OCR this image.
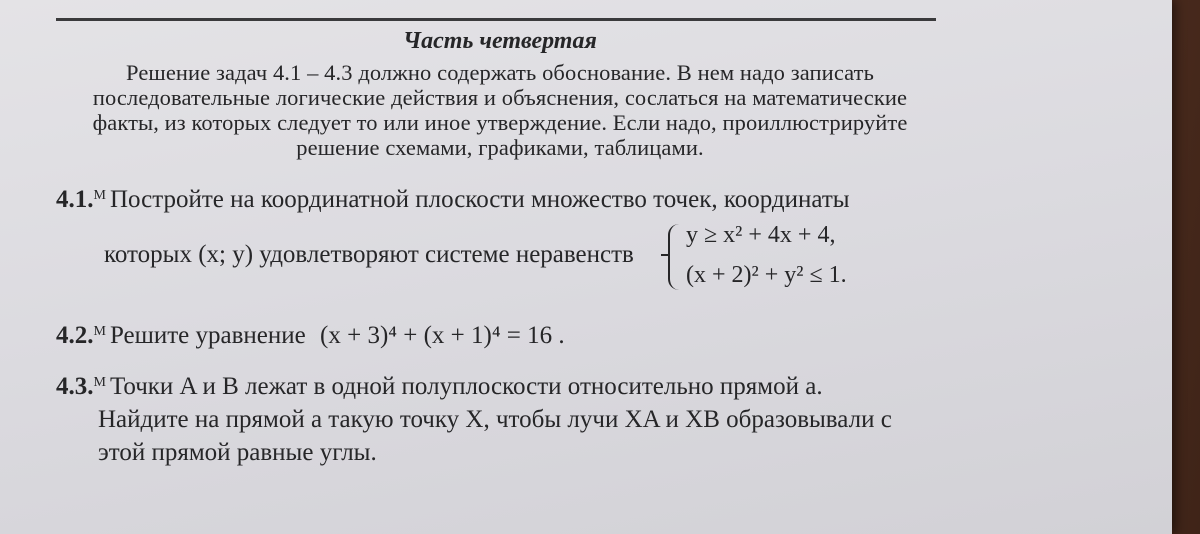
Часть четвертая
Решение задач 4.1 – 4.3 должно содержать обоснование. В нем надо записать
последовательные логические действия и объяснения, сослаться на математические
факты, из которых следует то или иное утверждение. Если надо, проиллюстрируйте
решение схемами, графиками, таблицами.
4.1.$^М$ Постройте на координатной плоскости множество точек, координаты
которых (x; y) удовлетворяют системе неравенств
y ≥ x² + 4x + 4,
(x + 2)² + y² ≤ 1.
4.2.$^М$ Решите уравнение (x + 3)⁴ + (x + 1)⁴ = 16 .
4.3.$^М$ Точки A и B лежат в одной полуплоскости относительно прямой a.
Найдите на прямой a такую точку X, чтобы лучи XA и XB образовывали с
этой прямой равные углы.
